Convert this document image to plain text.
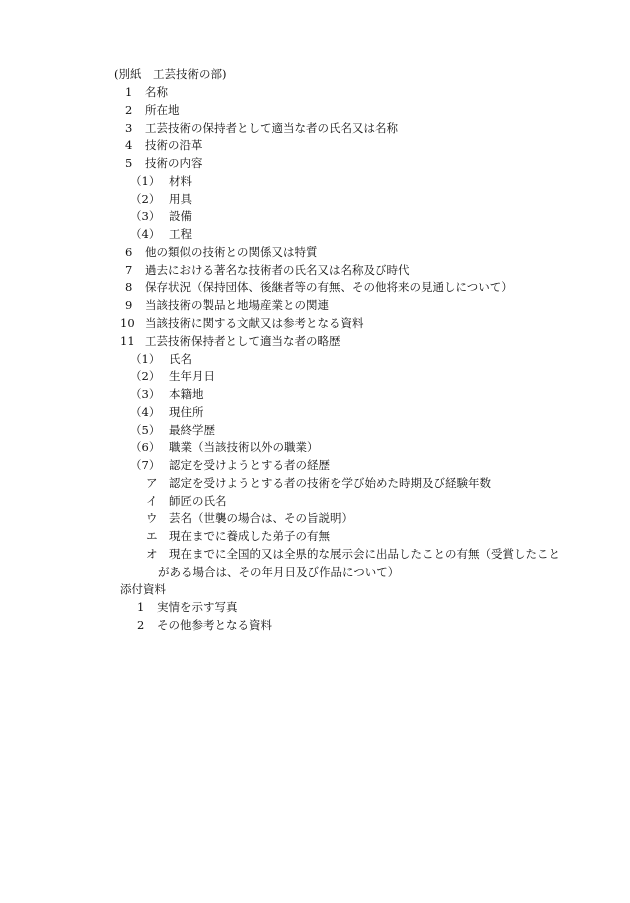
(別紙　工芸技術の部)
1 名称
2 所在地
3 工芸技術の保持者として適当な者の氏名又は名称
4 技術の沿革
5 技術の内容
（1） 材料
（2） 用具
（3） 設備
（4） 工程
6 他の類似の技術との関係又は特質
7 過去における著名な技術者の氏名又は名称及び時代
8 保存状況（保持団体、後継者等の有無、その他将来の見通しについて）
9 当該技術の製品と地場産業との関連
10 当該技術に関する文献又は参考となる資料
11 工芸技術保持者として適当な者の略歴
（1） 氏名
（2） 生年月日
（3） 本籍地
（4） 現住所
（5） 最終学歴
（6） 職業（当該技術以外の職業）
（7） 認定を受けようとする者の経歴
ア 認定を受けようとする者の技術を学び始めた時期及び経験年数
イ 師匠の氏名
ウ 芸名（世襲の場合は、その旨説明）
エ 現在までに養成した弟子の有無
オ 現在までに全国的又は全県的な展示会に出品したことの有無（受賞したこと
がある場合は、その年月日及び作品について）
添付資料
1 実情を示す写真
2 その他参考となる資料
